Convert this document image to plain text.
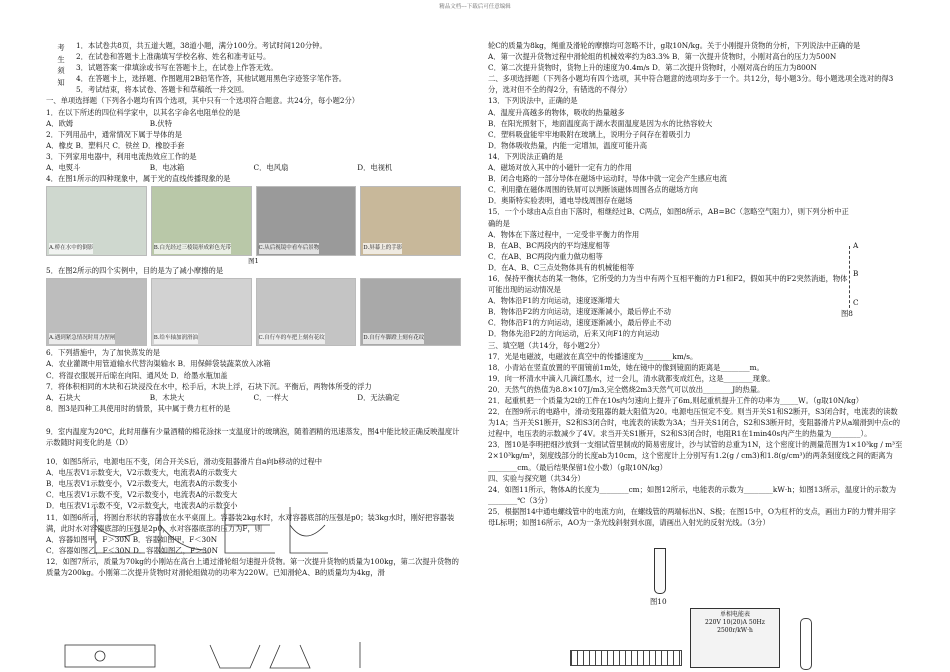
精品文档---下载后可任意编辑
考
生
须
知

1．本试卷共8页，共五道大题，38道小题，满分100分。考试时间120分钟。

2．在试卷和答题卡上准确填写学校名称、姓名和准考证号。

3．试题答案一律填涂或书写在答题卡上，在试卷上作答无效。

4．在答题卡上，选择题、作图题用2B铅笔作答，其他试题用黑色字迹签字笔作答。

5．考试结束，将本试卷、答题卡和草稿纸一并交回。

一、单项选择题（下列各小题均有四个选项，其中只有一个选项符合题意。共24分，每小题2分）

1．在以下所述的四位科学家中，以其名字命名电阻单位的是

A．欧姆	B.伏特

2．下列用品中，通常情况下属于导体的是

A．橡皮 B．塑料尺 C．铁丝 D．橡胶手套

3．下列家用电器中，利用电流热效应工作的是

A．电熨斗	B．电冰箱	C．电风扇	D．电视机

4．在图1所示的四种现象中，属于光的直线传播现象的是

A.桥在水中的倒影	B.白光经过三棱镜形成彩色光带	C.从后视镜中看车后景物	D.屏幕上的手影
图1

5．在图2所示的四个实例中，目的是为了减小摩擦的是

A.遇到紧急情况时用力捏闸	B.给车轴加润滑油	C.自行车的车把上刻有花纹	D.自行车脚蹬上刻有花纹

6．下列措施中，为了加快蒸发的是

A．农业灌溉中用管道输水代替沟渠输水 B．用保鲜袋装蔬菜放入冰箱

C．将湿衣服展开后晾在向阳、通风处 D．给墨水瓶加盖

7．将体积相同的木块和石块浸没在水中，松手后，木块上浮，石块下沉。平衡后，两物体所受的浮力

A．石块大	B．木块大	C．一样大	D．无法确定

8．图3是四种工具使用时的情景，其中属于费力杠杆的是

9．室内温度为20℃，此时用蘸有少量酒精的棉花涂抹一支温度计的玻璃泡，随着酒精的迅速蒸发，图4中能比较正确反映温度计示数随时间变化的是（D）

10．如图5所示，电源电压不变，闭合开关S后，滑动变阻器滑片自a向b移动的过程中

A．电压表V1示数变大，V2示数变大，电流表A的示数变大

B．电压表V1示数变小，V2示数变大，电流表A的示数变小

C．电压表V1示数不变，V2示数变小，电流表A的示数变大

D．电压表V1示数不变，V2示数变大，电流表A的示数变小

11．如图6所示，将圆台形状的容器放在水平桌面上。容器装2kg水时，水对容器底部的压强是p0；装3kg水时，刚好把容器装满，此时水对容器底部的压强是2p0，水对容器底部的压力为F，则

A．容器如图甲，F＞30N B．容器如图甲，F＜30N

C．容器如图乙，F＜30N D．容器如图乙，F＞30N

12．如图7所示，质量为70kg的小刚站在高台上通过滑轮组匀速提升货物。第一次提升货物的质量为100kg，第二次提升货物的质量为200kg。小刚第二次提升货物时对滑轮组做功的功率为220W。已知滑轮A、B的质量均为4kg，滑

轮C的质量为8kg，绳重及滑轮的摩擦均可忽略不计，g取10N/kg。关于小刚提升货物的分析，下列说法中正确的是

A．第一次提升货物过程中滑轮组的机械效率约为83.3% B．第一次提升货物时，小刚对高台的压力为500N

C．第二次提升货物时，货物上升的速度为0.4m/s D．第二次提升货物时，小刚对高台的压力为800N

二、多项选择题（下列各小题均有四个选项，其中符合题意的选项均多于一个。共12分，每小题3分。每小题选项全选对的得3分，选对但不全的得2分，有错选的不得分）

13．下列说法中，正确的是

A．温度升高越多的物体，吸收的热量越多

B．在阳光照射下，地面温度高于湖水表面温度是因为水的比热容较大

C．塑料吸盘能牢牢地吸附在玻璃上，说明分子间存在着吸引力

D．物体吸收热量，内能一定增加，温度可能升高

14．下列说法正确的是

A．磁场对放入其中的小磁针一定有力的作用

B．闭合电路的一部分导体在磁场中运动时，导体中就一定会产生感应电流

C．利用撒在磁体周围的铁屑可以判断该磁体周围各点的磁场方向

D．奥斯特实验表明，通电导线周围存在磁场

15．一个小球由A点自由下落时，相继经过B、C两点，如图8所示，AB=BC（忽略空气阻力），则下列分析中正确的是

A．物体在下落过程中，一定受非平衡力的作用

B．在AB、BC两段内的平均速度相等

C．在AB、BC两段内重力做功相等

D．在A、B、C三点处物体具有的机械能相等

16．保持平衡状态的某一物体，它所受的力为当中有两个互相平衡的力F1和F2，假如其中的F2突然消逝，物体可能出现的运动情况是

A．物体沿F1的方向运动，速度逐渐增大

B．物体沿F2的方向运动，速度逐渐减小，最后停止不动

C．物体沿F1的方向运动，速度逐渐减小，最后停止不动

D．物体先沿F2的方向运动，后来又向F1的方向运动

三、填空题（共14分，每小题2分）

17．光是电磁波，电磁波在真空中的传播速度为________km/s。

18．小青站在竖直放置的平面镜前1m处，她在镜中的像到镜面的距离是________m。

19．向一杯清水中滴入几滴红墨水，过一会儿，清水就都变成红色，这是________现象。

20．天然气的热值为8.8×107J/m3,完全燃烧2m3天然气可以放出________J的热量。

21．起重机把一个质量为2t的工件在10s内匀速向上提升了6m,则起重机提升工件的功率为_____W。（g取10N/kg）

22．在图9所示的电路中，滑动变阻器的最大阻值为20。电源电压恒定不变。则当开关S1和S2断开，S3闭合时，电流表的读数为1A；当开关S1断开，S2和S3闭合时，电流表的读数为3A；当开关S1闭合，S2和S3断开时，变阻器滑片P从a端滑到中点c的过程中，电压表的示数减少了4V。求当开关S1断开，S2和S3闭合时，电阻R1在1min40s内产生的热量为________）。

23．图10是李明把细沙放到一支细试管里制成的简易密度计，沙与试管的总重为1N，这个密度计的测量范围为1×10³kg / m³至2×10³kg/m³，刻度线部分的长度ab为10cm，这个密度计上分别写有1.2(g / cm3)和1.8(g/cm³)的两条刻度线之间的距离为________cm。（最后结果保留1位小数）（g取10N/kg）

四、实验与探究题（共34分）

24．如图11所示，物体A的长度为________cm；如图12所示，电能表的示数为________kW·h；如图13所示，温度计的示数为________℃（3分）

25．根据图14中通电螺线管中的电流方向，在螺线管的两端标出N、S极；在图15中，O为杠杆的支点，画出力F的力臂并用字母L标明；如图16所示，AO为一条光线斜射到水面，请画出入射光的反射光线。（3分）

A
B
C
图8
图10
单相电能表
220V 10(20)A 50Hz
2500r/kW·h
